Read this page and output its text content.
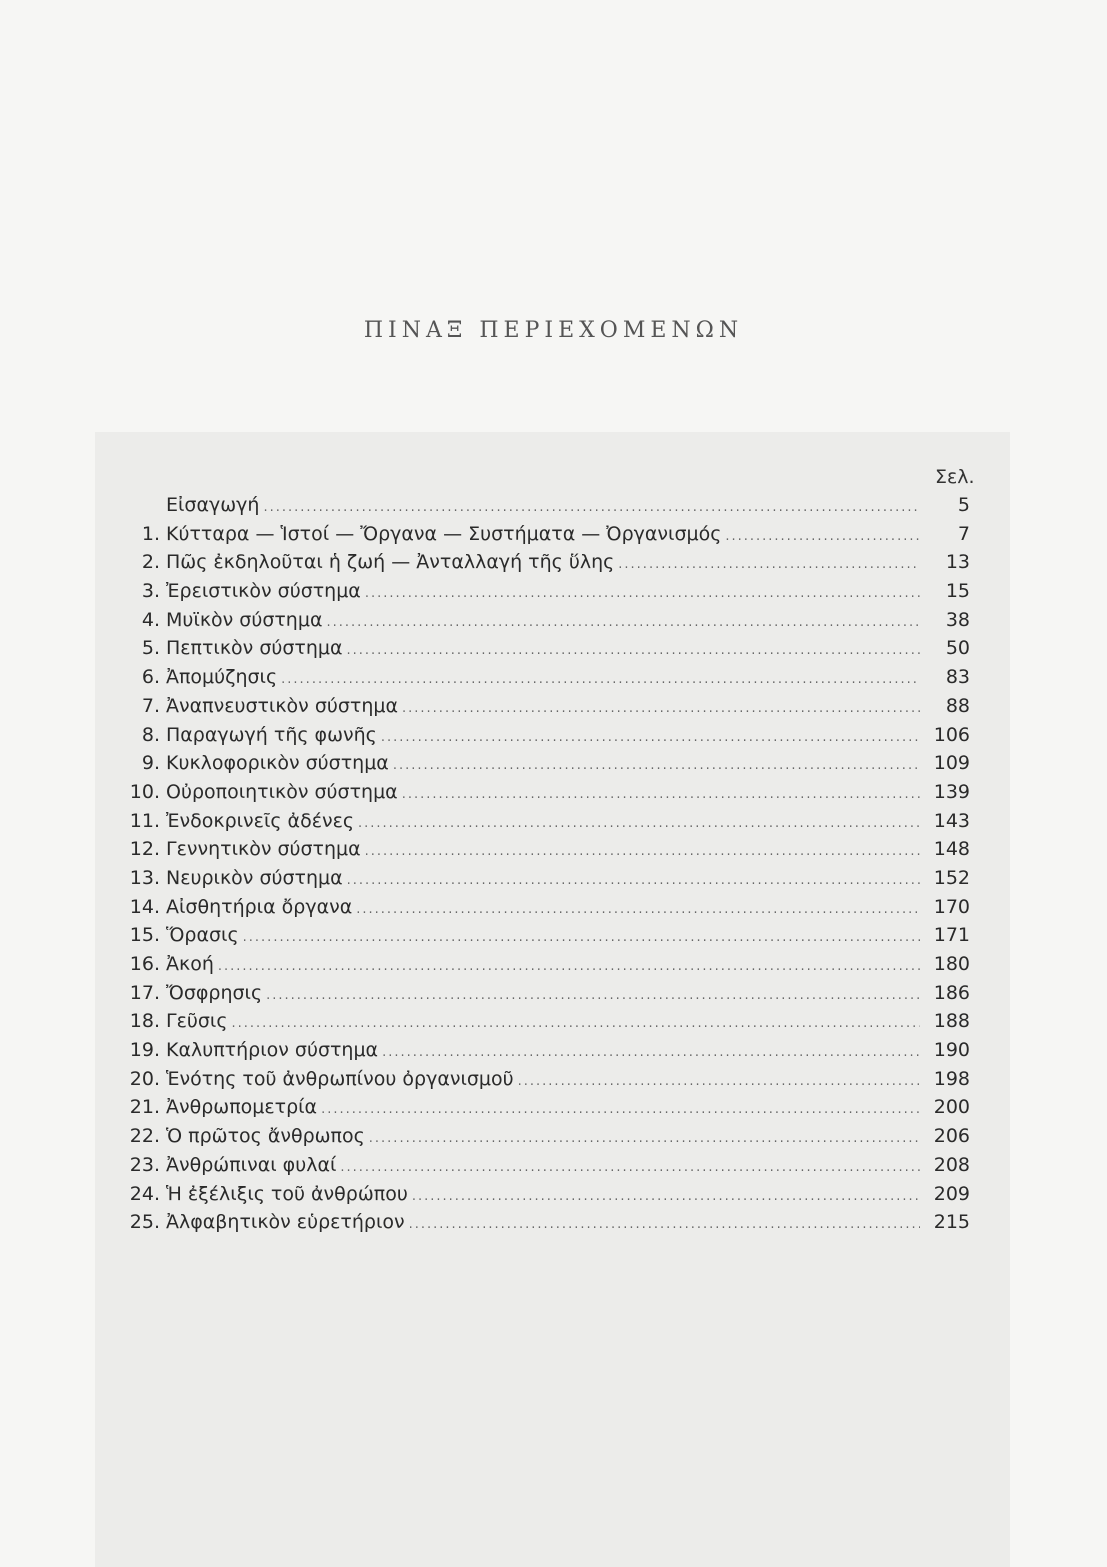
ΠΙΝΑΞ ΠΕΡΙΕΧΟΜΕΝΩΝ
Σελ.
Εἰσαγωγή .....	5
1. Κύτταρα — Ἱστοί — Ὄργανα — Συστήματα — Ὀργανισμός .....	7
2. Πῶς ἐκδηλοῦται ἡ ζωή — Ἀνταλλαγή τῆς ὕλης .....	13
3. Ἐρειστικὸν σύστημα .....	15
4. Μυϊκὸν σύστημα .....	38
5. Πεπτικὸν σύστημα .....	50
6. Ἀπομύζησις .....	83
7. Ἀναπνευστικὸν σύστημα .....	88
8. Παραγωγή τῆς φωνῆς .....	106
9. Κυκλοφορικὸν σύστημα .....	109
10. Οὐροποιητικὸν σύστημα .....	139
11. Ἐνδοκρινεῖς ἀδένες .....	143
12. Γεννητικὸν σύστημα .....	148
13. Νευρικὸν σύστημα .....	152
14. Αἰσθητήρια ὄργανα .....	170
15. Ὅρασις .....	171
16. Ἀκοή .....	180
17. Ὄσφρησις .....	186
18. Γεῦσις .....	188
19. Καλυπτήριον σύστημα .....	190
20. Ἑνότης τοῦ ἀνθρωπίνου ὀργανισμοῦ .....	198
21. Ἀνθρωπομετρία .....	200
22. Ὁ πρῶτος ἄνθρωπος .....	206
23. Ἀνθρώπιναι φυλαί .....	208
24. Ἡ ἐξέλιξις τοῦ ἀνθρώπου .....	209
25. Ἀλφαβητικὸν εὑρετήριον .....	215
